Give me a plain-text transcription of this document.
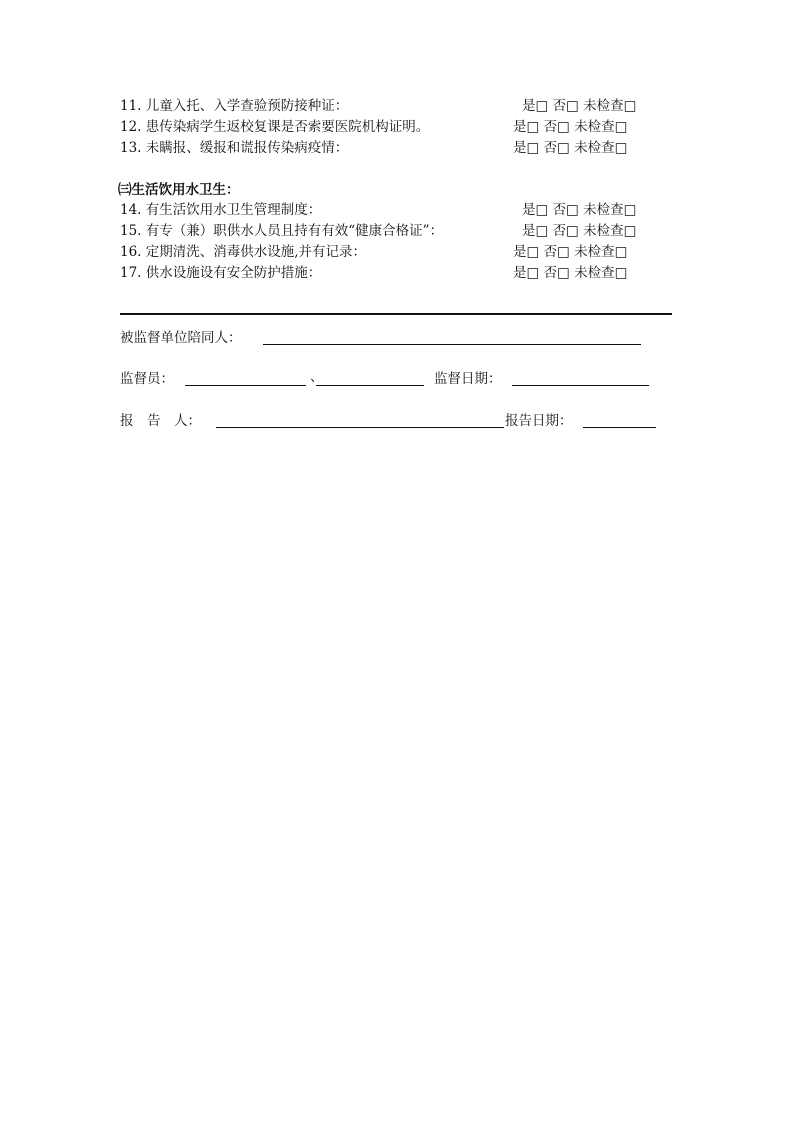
11. 儿童入托、入学查验预防接种证：	是□ 否□ 未检查□
12. 患传染病学生返校复课是否索要医院机构证明。	是□ 否□ 未检查□
13. 未瞒报、缓报和谎报传染病疫情：	是□ 否□ 未检查□
㈢生活饮用水卫生：
14. 有生活饮用水卫生管理制度：	是□ 否□ 未检查□
15. 有专（兼）职供水人员且持有有效“健康合格证”：	是□ 否□ 未检查□
16. 定期清洗、消毒供水设施,并有记录：	是□ 否□ 未检查□
17. 供水设施设有安全防护措施：	是□ 否□ 未检查□
被监督单位陪同人：
监督员：	、	监督日期：
报　告　人：	报告日期：
